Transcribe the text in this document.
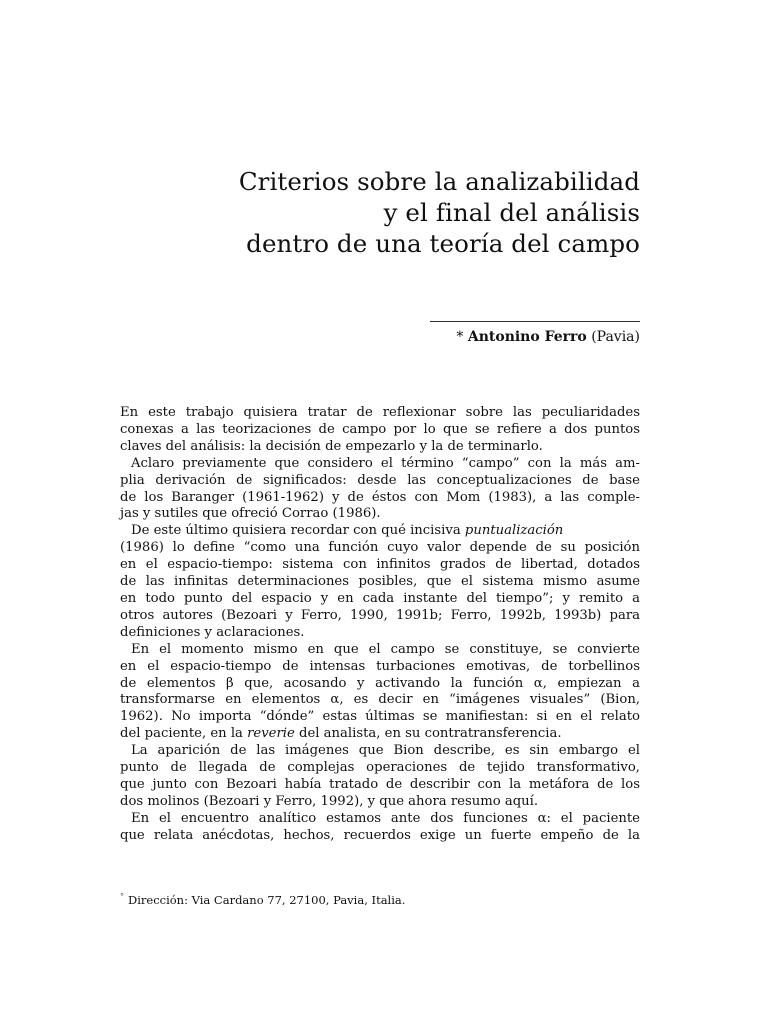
Criterios sobre la analizabilidad
y el final del análisis
dentro de una teoría del campo
* Antonino Ferro (Pavia)

En este trabajo quisiera tratar de reflexionar sobre las peculiaridades
conexas a las teorizaciones de campo por lo que se refiere a dos puntos
claves del análisis: la decisión de empezarlo y la de terminarlo.

Aclaro previamente que considero el término “campo” con la más am-
plia derivación de significados: desde las conceptualizaciones de base
de los Baranger (1961-1962) y de éstos con Mom (1983), a las comple-
jas y sutiles que ofreció Corrao (1986).

De este último quisiera recordar con qué incisiva puntualización
(1986) lo define “como una función cuyo valor depende de su posición
en el espacio-tiempo: sistema con infinitos grados de libertad, dotados
de las infinitas determinaciones posibles, que el sistema mismo asume
en todo punto del espacio y en cada instante del tiempo”; y remito a
otros autores (Bezoari y Ferro, 1990, 1991b; Ferro, 1992b, 1993b) para
definiciones y aclaraciones.

En el momento mismo en que el campo se constituye, se convierte
en el espacio-tiempo de intensas turbaciones emotivas, de torbellinos
de elementos β que, acosando y activando la función α, empiezan a
transformarse en elementos α, es decir en “imágenes visuales” (Bion,
1962). No importa “dónde” estas últimas se manifiestan: si en el relato
del paciente, en la reverie del analista, en su contratransferencia.

La aparición de las imágenes que Bion describe, es sin embargo el
punto de llegada de complejas operaciones de tejido transformativo,
que junto con Bezoari había tratado de describir con la metáfora de los
dos molinos (Bezoari y Ferro, 1992), y que ahora resumo aquí.

En el encuentro analítico estamos ante dos funciones α: el paciente
que relata anécdotas, hechos, recuerdos exige un fuerte empeño de la

° Dirección: Via Cardano 77, 27100, Pavia, Italia.
